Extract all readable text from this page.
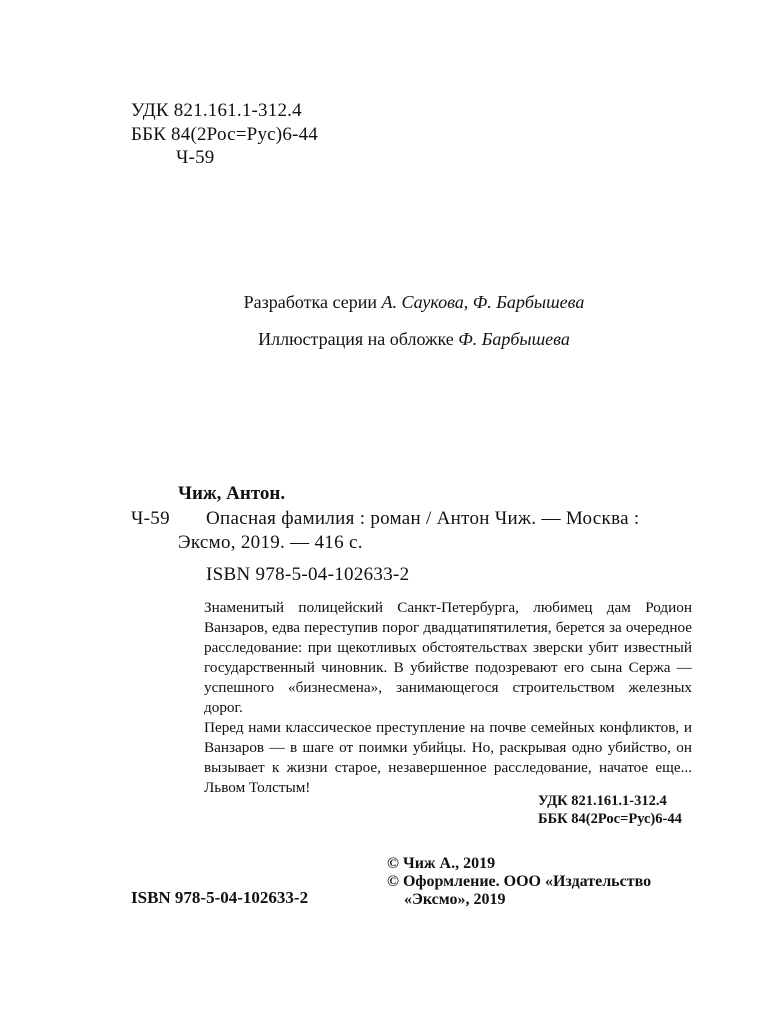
УДК 821.161.1-312.4
ББК 84(2Рос=Рус)6-44
Ч-59
Разработка серии А. Саукова, Ф. Барбышева
Иллюстрация на обложке Ф. Барбышева
Чиж, Антон.
Ч-59 Опасная фамилия : роман / Антон Чиж. — Москва :
Эксмо, 2019. — 416 с.
ISBN 978-5-04-102633-2

Знаменитый полицейский Санкт-Петербурга, любимец дам Родион Ванзаров, едва переступив порог двадцатипятилетия, берется за очередное расследование: при щекотливых обстоятельствах зверски убит известный государственный чиновник. В убийстве подозревают его сына Сержа — успешного «бизнесмена», занимающегося строительством железных дорог.

Перед нами классическое преступление на почве семейных конфликтов, и Ванзаров — в шаге от поимки убийцы. Но, раскрывая одно убийство, он вызывает к жизни старое, незавершенное расследование, начатое еще... Львом Толстым!

УДК 821.161.1-312.4
ББК 84(2Рос=Рус)6-44
© Чиж А., 2019
© Оформление. ООО «Издательство
«Эксмо», 2019
ISBN 978-5-04-102633-2
